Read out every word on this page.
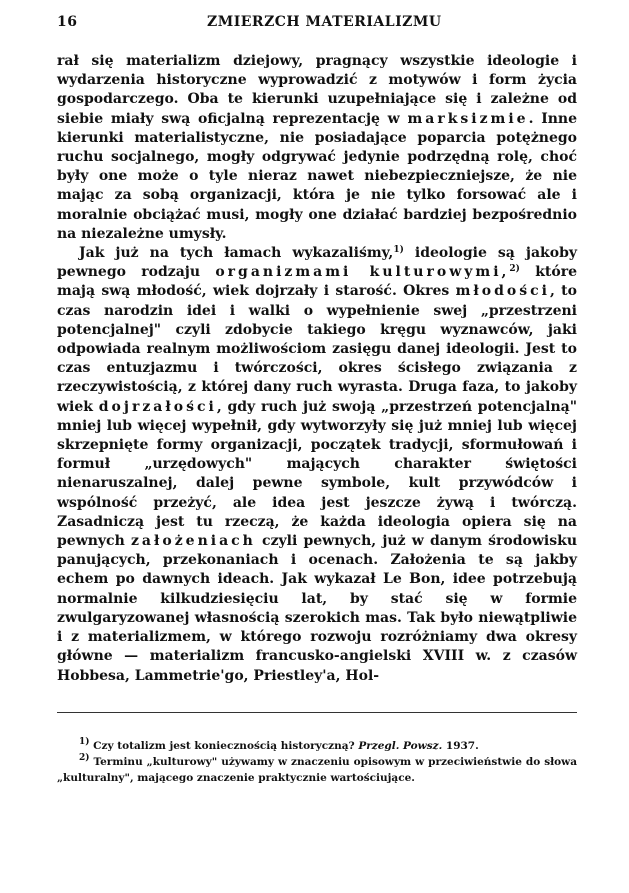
16	ZMIERZCH MATERIALIZMU

rał się materializm dziejowy, pragnący wszystkie ideologie i wydarzenia historyczne wyprowadzić z motywów i form życia gospodarczego. Oba te kierunki uzupełniające się i zależne od siebie miały swą oficjalną reprezentację w marksizmie. Inne kierunki materialistyczne, nie posiadające poparcia potężnego ruchu socjalnego, mogły odgrywać jedynie podrzędną rolę, choć były one może o tyle nieraz nawet niebezpieczniejsze, że nie mając za sobą organizacji, która je nie tylko forsować ale i moralnie obciążać musi, mogły one działać bardziej bezpośrednio na niezależne umysły.

Jak już na tych łamach wykazaliśmy,$^{1)}$ ideologie są jakoby pewnego rodzaju organizmami kulturowymi,$^{2)}$ które mają swą młodość, wiek dojrzały i starość. Okres młodości, to czas narodzin idei i walki o wypełnienie swej „przestrzeni potencjalnej" czyli zdobycie takiego kręgu wyznawców, jaki odpowiada realnym możliwościom zasięgu danej ideologii. Jest to czas entuzjazmu i twórczości, okres ścisłego związania z rzeczywistością, z której dany ruch wyrasta. Druga faza, to jakoby wiek dojrzałości, gdy ruch już swoją „przestrzeń potencjalną" mniej lub więcej wypełnił, gdy wytworzyły się już mniej lub więcej skrzepnięte formy organizacji, początek tradycji, sformułowań i formuł „urzędowych" mających charakter świętości nienaruszalnej, dalej pewne symbole, kult przywódców i wspólność przeżyć, ale idea jest jeszcze żywą i twórczą. Zasadniczą jest tu rzeczą, że każda ideologia opiera się na pewnych założeniach czyli pewnych, już w danym środowisku panujących, przekonaniach i ocenach. Założenia te są jakby echem po dawnych ideach. Jak wykazał Le Bon, idee potrzebują normalnie kilkudziesięciu lat, by stać się w formie zwulgaryzowanej własnością szerokich mas. Tak było niewątpliwie i z materializmem, w którego rozwoju rozróżniamy dwa okresy główne — materializm francusko-angielski XVIII w. z czasów Hobbesa, Lammetrie'go, Priestley'a, Hol-

$^{1)}$ Czy totalizm jest koniecznością historyczną? Przegl. Powsz. 1937.

$^{2)}$ Terminu „kulturowy" używamy w znaczeniu opisowym w przeciwieństwie do słowa „kulturalny", mającego znaczenie praktycznie wartościujące.
